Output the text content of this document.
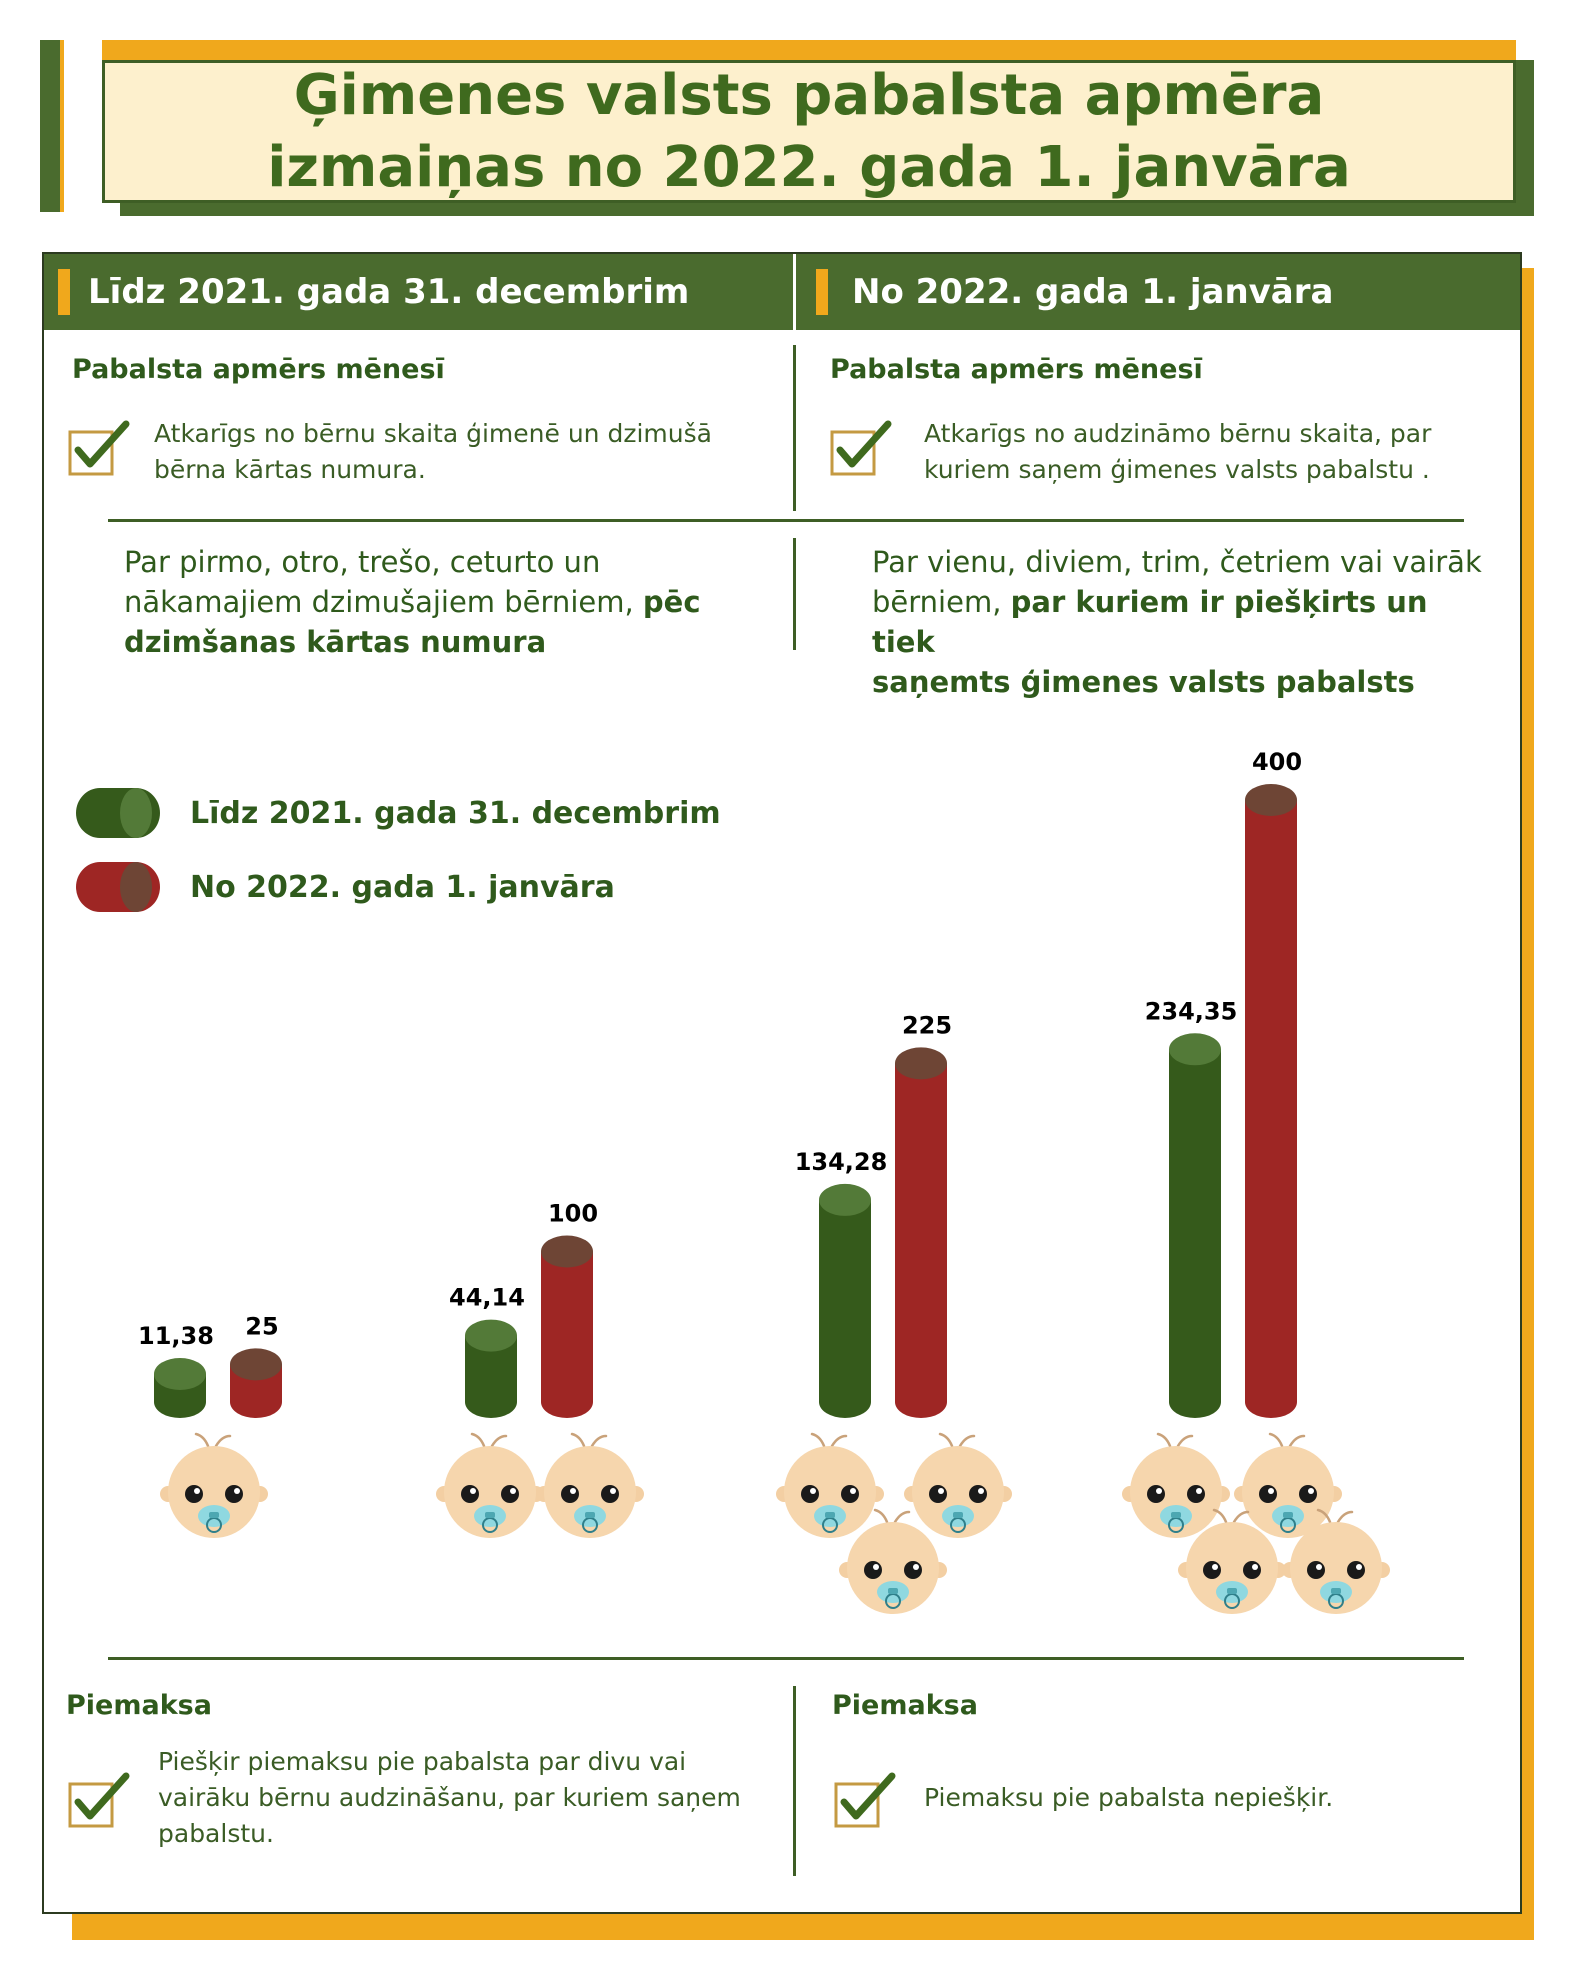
Ģimenes valsts pabalsta apmēra
izmaiņas no 2022. gada 1. janvāra
Līdz 2021. gada 31. decembrim	No 2022. gada 1. janvāra
Pabalsta apmērs mēnesī
Atkarīgs no bērnu skaita ģimenē un dzimušā
bērna kārtas numura.
Par pirmo, otro, trešo, ceturto un
nākamajiem dzimušajiem bērniem, pēc
dzimšanas kārtas numura
Pabalsta apmērs mēnesī
Atkarīgs no audzināmo bērnu skaita, par
kuriem saņem ģimenes valsts pabalstu .
Par vienu, diviem, trim, četriem vai vairāk
bērniem, par kuriem ir piešķirts un tiek
saņemts ģimenes valsts pabalsts
Līdz 2021. gada 31. decembrim
No 2022. gada 1. janvāra
11,38 25
44,14
100
134,28
225
234,35
400
Piemaksa
Piešķir piemaksu pie pabalsta par divu vai
vairāku bērnu audzināšanu, par kuriem saņem
pabalstu.
Piemaksa
Piemaksu pie pabalsta nepiešķir.
